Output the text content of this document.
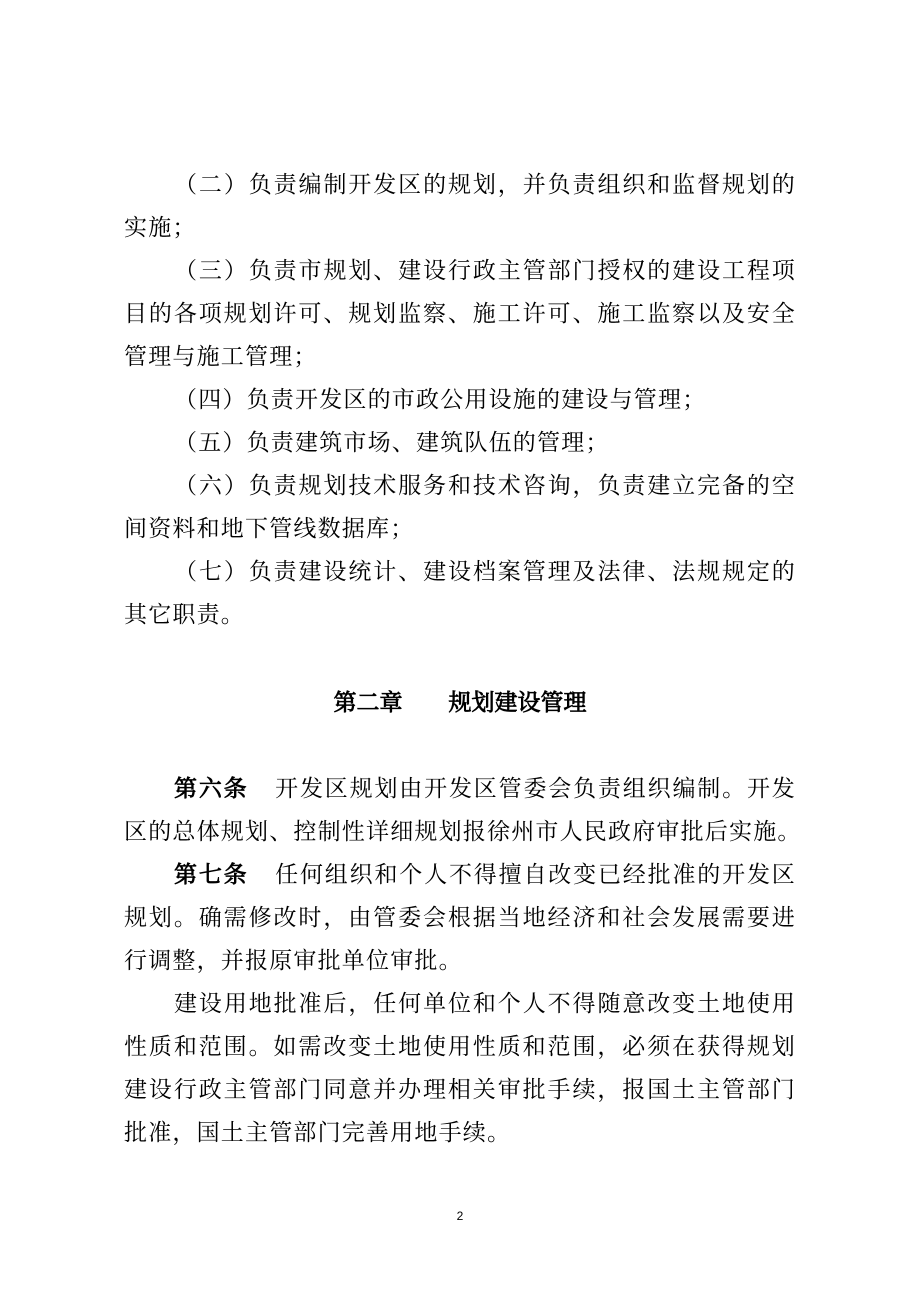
（二）负责编制开发区的规划，并负责组织和监督规划的
实施；
（三）负责市规划、建设行政主管部门授权的建设工程项
目的各项规划许可、规划监察、施工许可、施工监察以及安全
管理与施工管理；
（四）负责开发区的市政公用设施的建设与管理；
（五）负责建筑市场、建筑队伍的管理；
（六）负责规划技术服务和技术咨询，负责建立完备的空
间资料和地下管线数据库；
（七）负责建设统计、建设档案管理及法律、法规规定的
其它职责。
第二章 规划建设管理
第六条 开发区规划由开发区管委会负责组织编制。开发
区的总体规划、控制性详细规划报徐州市人民政府审批后实施。
第七条 任何组织和个人不得擅自改变已经批准的开发区
规划。确需修改时，由管委会根据当地经济和社会发展需要进
行调整，并报原审批单位审批。
建设用地批准后，任何单位和个人不得随意改变土地使用
性质和范围。如需改变土地使用性质和范围，必须在获得规划
建设行政主管部门同意并办理相关审批手续，报国土主管部门
批准，国土主管部门完善用地手续。
2
